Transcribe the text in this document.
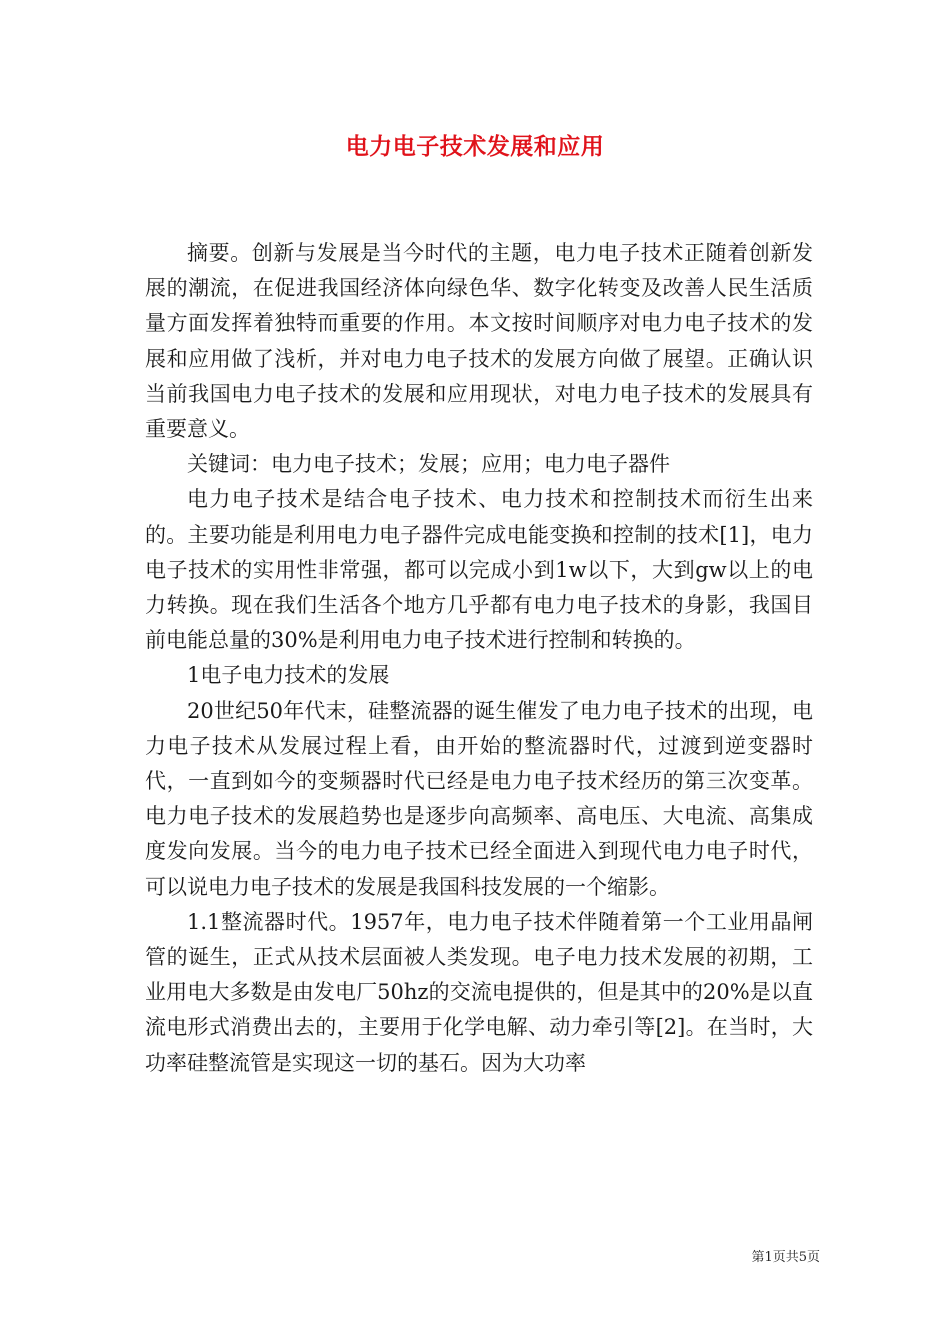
电力电子技术发展和应用

摘要。创新与发展是当今时代的主题，电力电子技术正随着创新发展的潮流，在促进我国经济体向绿色华、数字化转变及改善人民生活质量方面发挥着独特而重要的作用。本文按时间顺序对电力电子技术的发展和应用做了浅析，并对电力电子技术的发展方向做了展望。正确认识当前我国电力电子技术的发展和应用现状，对电力电子技术的发展具有重要意义。

关键词：电力电子技术；发展；应用；电力电子器件

电力电子技术是结合电子技术、电力技术和控制技术而衍生出来的。主要功能是利用电力电子器件完成电能变换和控制的技术[1]，电力电子技术的实用性非常强，都可以完成小到1w以下，大到gw以上的电力转换。现在我们生活各个地方几乎都有电力电子技术的身影，我国目前电能总量的30%是利用电力电子技术进行控制和转换的。

1电子电力技术的发展

20世纪50年代末，硅整流器的诞生催发了电力电子技术的出现，电力电子技术从发展过程上看，由开始的整流器时代，过渡到逆变器时代，一直到如今的变频器时代已经是电力电子技术经历的第三次变革。电力电子技术的发展趋势也是逐步向高频率、高电压、大电流、高集成度发向发展。当今的电力电子技术已经全面进入到现代电力电子时代，可以说电力电子技术的发展是我国科技发展的一个缩影。

1.1整流器时代。1957年，电力电子技术伴随着第一个工业用晶闸管的诞生，正式从技术层面被人类发现。电子电力技术发展的初期，工业用电大多数是由发电厂50hz的交流电提供的，但是其中的20%是以直流电形式消费出去的，主要用于化学电解、动力牵引等[2]。在当时，大功率硅整流管是实现这一切的基石。因为大功率

第1页共5页
